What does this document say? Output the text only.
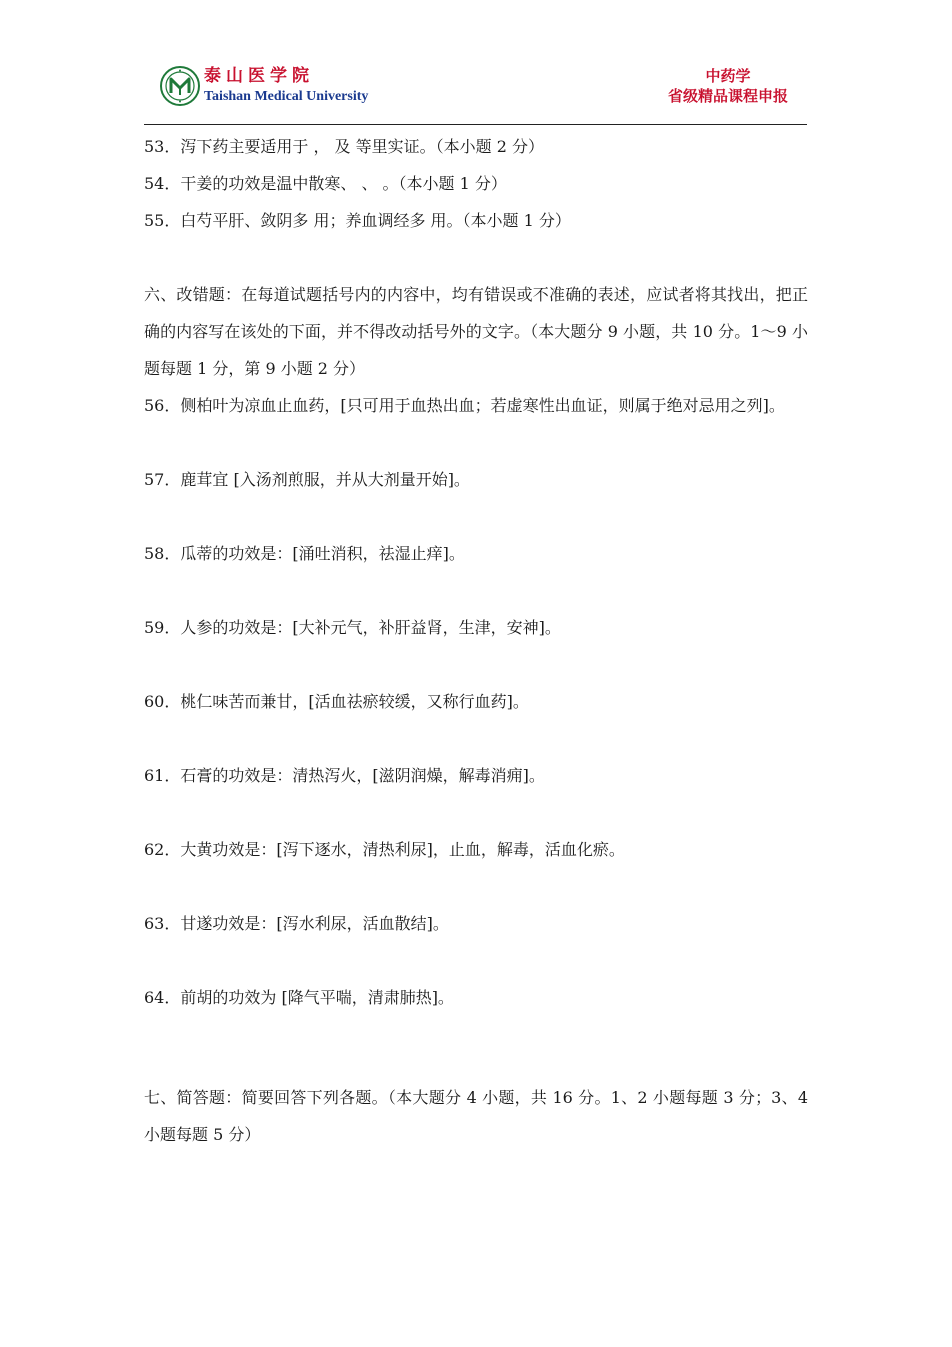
泰山医学院
Taishan Medical University
中药学
省级精品课程申报
53．泻下药主要适用于 ， 及 等里实证。（本小题 2 分）
54．干姜的功效是温中散寒、 、 。（本小题 1 分）
55．白芍平肝、敛阴多 用；养血调经多 用。（本小题 1 分）
六、改错题：在每道试题括号内的内容中，均有错误或不准确的表述，应试者将其找出，把正确的内容写在该处的下面，并不得改动括号外的文字。（本大题分 9 小题，共 10 分。1～9 小题每题 1 分，第 9 小题 2 分）
56．侧柏叶为凉血止血药，[只可用于血热出血；若虚寒性出血证，则属于绝对忌用之列]。
57．鹿茸宜 [入汤剂煎服，并从大剂量开始]。
58．瓜蒂的功效是：[涌吐消积，祛湿止痒]。
59．人参的功效是：[大补元气，补肝益肾，生津，安神]。
60．桃仁味苦而兼甘，[活血祛瘀较缓，又称行血药]。
61．石膏的功效是：清热泻火，[滋阴润燥，解毒消痈]。
62．大黄功效是：[泻下逐水，清热利尿]，止血，解毒，活血化瘀。
63．甘遂功效是：[泻水利尿，活血散结]。
64．前胡的功效为 [降气平喘，清肃肺热]。
七、简答题：简要回答下列各题。（本大题分 4 小题，共 16 分。1、2 小题每题 3 分；3、4 小题每题 5 分）
